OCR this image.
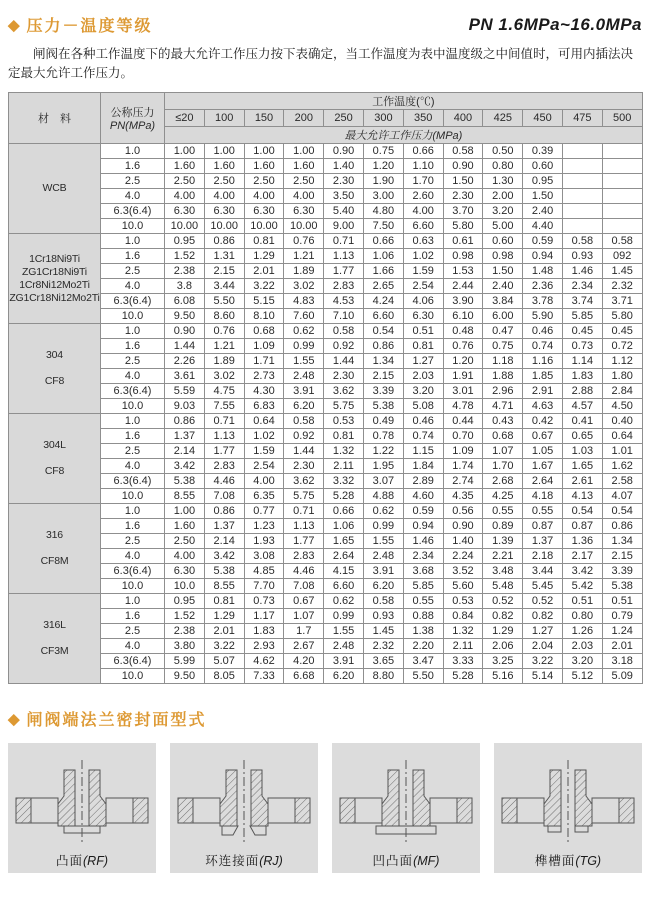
PN 1.6MPa~16.0MPa
◆ 压力－温度等级

闸阀在各种工作温度下的最大允许工作压力按下表确定，当工作温度为表中温度级之中间值时，可用内插法决定最大允许工作压力。

材　料	公称压力
PN(MPa)	工作温度(℃)											
		≤20	100	150	200	250	300	350	400	425	450	475	500
		最大允许工作压力(MPa)											
WCB	1.0	1.00	1.00	1.00	1.00	0.90	0.75	0.66	0.58	0.50	0.39		
	1.6	1.60	1.60	1.60	1.60	1.40	1.20	1.10	0.90	0.80	0.60		
	2.5	2.50	2.50	2.50	2.50	2.30	1.90	1.70	1.50	1.30	0.95		
	4.0	4.00	4.00	4.00	4.00	3.50	3.00	2.60	2.30	2.00	1.50		
	6.3(6.4)	6.30	6.30	6.30	6.30	5.40	4.80	4.00	3.70	3.20	2.40		
	10.0	10.00	10.00	10.00	10.00	9.00	7.50	6.60	5.80	5.00	4.40		
1Cr18Ni9Ti
ZG1Cr18Ni9Ti
1Cr8Ni12Mo2Ti
ZG1Cr18Ni12Mo2Ti	1.0	0.95	0.86	0.81	0.76	0.71	0.66	0.63	0.61	0.60	0.59	0.58	0.58
	1.6	1.52	1.31	1.29	1.21	1.13	1.06	1.02	0.98	0.98	0.94	0.93	092
	2.5	2.38	2.15	2.01	1.89	1.77	1.66	1.59	1.53	1.50	1.48	1.46	1.45
	4.0	3.8	3.44	3.22	3.02	2.83	2.65	2.54	2.44	2.40	2.36	2.34	2.32
	6.3(6.4)	6.08	5.50	5.15	4.83	4.53	4.24	4.06	3.90	3.84	3.78	3.74	3.71
	10.0	9.50	8.60	8.10	7.60	7.10	6.60	6.30	6.10	6.00	5.90	5.85	5.80
304

CF8	1.0	0.90	0.76	0.68	0.62	0.58	0.54	0.51	0.48	0.47	0.46	0.45	0.45
	1.6	1.44	1.21	1.09	0.99	0.92	0.86	0.81	0.76	0.75	0.74	0.73	0.72
	2.5	2.26	1.89	1.71	1.55	1.44	1.34	1.27	1.20	1.18	1.16	1.14	1.12
	4.0	3.61	3.02	2.73	2.48	2.30	2.15	2.03	1.91	1.88	1.85	1.83	1.80
	6.3(6.4)	5.59	4.75	4.30	3.91	3.62	3.39	3.20	3.01	2.96	2.91	2.88	2.84
	10.0	9.03	7.55	6.83	6.20	5.75	5.38	5.08	4.78	4.71	4.63	4.57	4.50
304L

CF8	1.0	0.86	0.71	0.64	0.58	0.53	0.49	0.46	0.44	0.43	0.42	0.41	0.40
	1.6	1.37	1.13	1.02	0.92	0.81	0.78	0.74	0.70	0.68	0.67	0.65	0.64
	2.5	2.14	1.77	1.59	1.44	1.32	1.22	1.15	1.09	1.07	1.05	1.03	1.01
	4.0	3.42	2.83	2.54	2.30	2.11	1.95	1.84	1.74	1.70	1.67	1.65	1.62
	6.3(6.4)	5.38	4.46	4.00	3.62	3.32	3.07	2.89	2.74	2.68	2.64	2.61	2.58
	10.0	8.55	7.08	6.35	5.75	5.28	4.88	4.60	4.35	4.25	4.18	4.13	4.07
316

CF8M	1.0	1.00	0.86	0.77	0.71	0.66	0.62	0.59	0.56	0.55	0.55	0.54	0.54
	1.6	1.60	1.37	1.23	1.13	1.06	0.99	0.94	0.90	0.89	0.87	0.87	0.86
	2.5	2.50	2.14	1.93	1.77	1.65	1.55	1.46	1.40	1.39	1.37	1.36	1.34
	4.0	4.00	3.42	3.08	2.83	2.64	2.48	2.34	2.24	2.21	2.18	2.17	2.15
	6.3(6.4)	6.30	5.38	4.85	4.46	4.15	3.91	3.68	3.52	3.48	3.44	3.42	3.39
	10.0	10.0	8.55	7.70	7.08	6.60	6.20	5.85	5.60	5.48	5.45	5.42	5.38
316L

CF3M	1.0	0.95	0.81	0.73	0.67	0.62	0.58	0.55	0.53	0.52	0.52	0.51	0.51
	1.6	1.52	1.29	1.17	1.07	0.99	0.93	0.88	0.84	0.82	0.82	0.80	0.79
	2.5	2.38	2.01	1.83	1.7	1.55	1.45	1.38	1.32	1.29	1.27	1.26	1.24
	4.0	3.80	3.22	2.93	2.67	2.48	2.32	2.20	2.11	2.06	2.04	2.03	2.01
	6.3(6.4)	5.99	5.07	4.62	4.20	3.91	3.65	3.47	3.33	3.25	3.22	3.20	3.18
	10.0	9.50	8.05	7.33	6.68	6.20	8.80	5.50	5.28	5.16	5.14	5.12	5.09
◆ 闸阀端法兰密封面型式
凸面(RF)	环连接面(RJ)	凹凸面(MF)	榫槽面(TG)
